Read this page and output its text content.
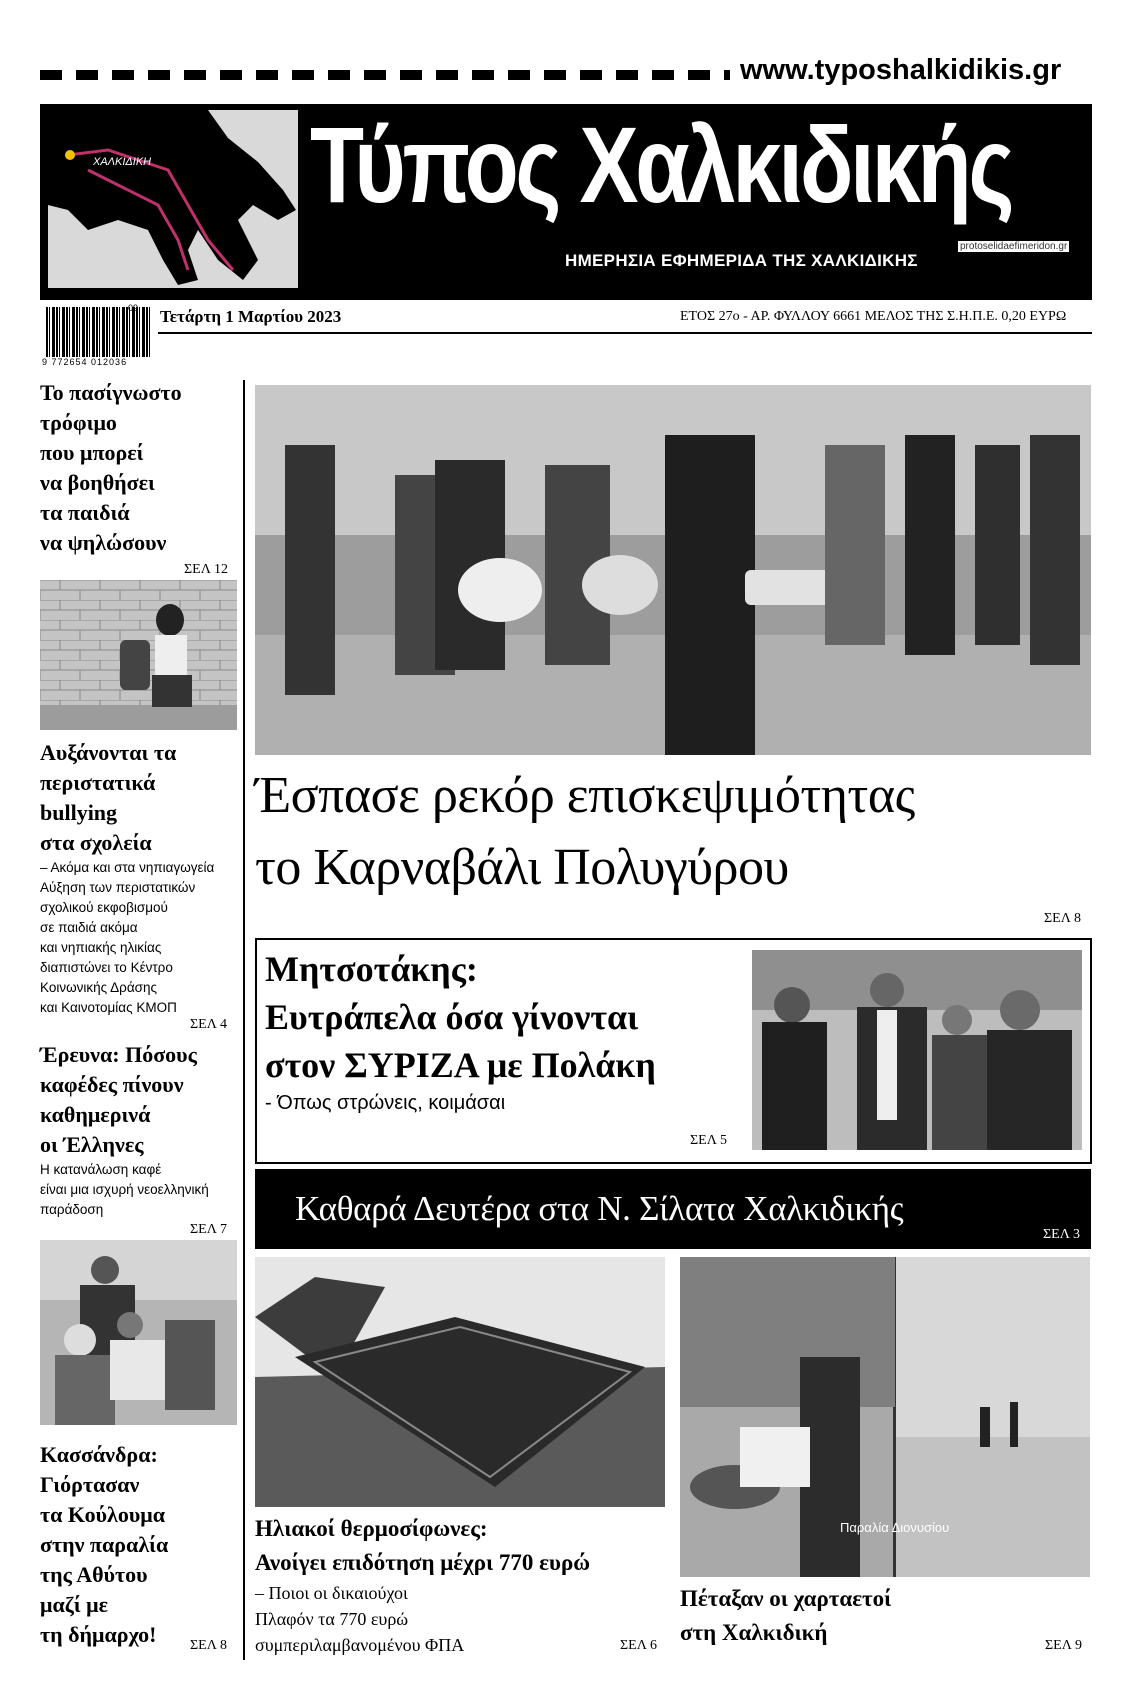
www.typoshalkidikis.gr
ΧΑΛΚΙΔΙΚΗ Τύπος Χαλκιδικής
ΗΜΕΡΗΣΙΑ ΕΦΗΜΕΡΙΔΑ ΤΗΣ ΧΑΛΚΙΔΙΚΗΣ
protoselidaefimeridon.gr
9 772654 012036
09 Τετάρτη 1 Μαρτίου 2023	ΕΤΟΣ 27ο - ΑΡ. ΦΥΛΛΟΥ 6661 ΜΕΛΟΣ ΤΗΣ Σ.Η.Π.Ε. 0,20 ΕΥΡΩ
Το πασίγνωστο
τρόφιμο
που μπορεί
να βοηθήσει
τα παιδιά
να ψηλώσουν
ΣΕΛ 12
Αυξάνονται τα
περιστατικά
bullying
στα σχολεία
– Ακόμα και στα νηπιαγωγεία
Αύξηση των περιστατικών
σχολικού εκφοβισμού
σε παιδιά ακόμα
και νηπιακής ηλικίας
διαπιστώνει το Κέντρο
Κοινωνικής Δράσης
και Καινοτομίας ΚΜΟΠ
ΣΕΛ 4
Έρευνα: Πόσους
καφέδες πίνουν
καθημερινά
οι Έλληνες
Η κατανάλωση καφέ
είναι μια ισχυρή νεοελληνική
παράδοση
ΣΕΛ 7
Κασσάνδρα:
Γιόρτασαν
τα Κούλουμα
στην παραλία
της Αθύτου
μαζί με
τη δήμαρχο!	ΣΕΛ 8
Έσπασε ρεκόρ επισκεψιμότητας
το Καρναβάλι Πολυγύρου
ΣΕΛ 8
Μητσοτάκης:
Ευτράπελα όσα γίνονται
στον ΣΥΡΙΖΑ με Πολάκη
- Όπως στρώνεις, κοιμάσαι
ΣΕΛ 5
Καθαρά Δευτέρα στα Ν. Σίλατα Χαλκιδικής
ΣΕΛ 3
Ηλιακοί θερμοσίφωνες:
Ανοίγει επιδότηση μέχρι 770 ευρώ
– Ποιοι οι δικαιούχοι
Πλαφόν τα 770 ευρώ
συμπεριλαμβανομένου ΦΠΑ	ΣΕΛ 6
Παραλία Διονυσίου
Πέταξαν οι χαρταετοί
στη Χαλκιδική
ΣΕΛ 9
